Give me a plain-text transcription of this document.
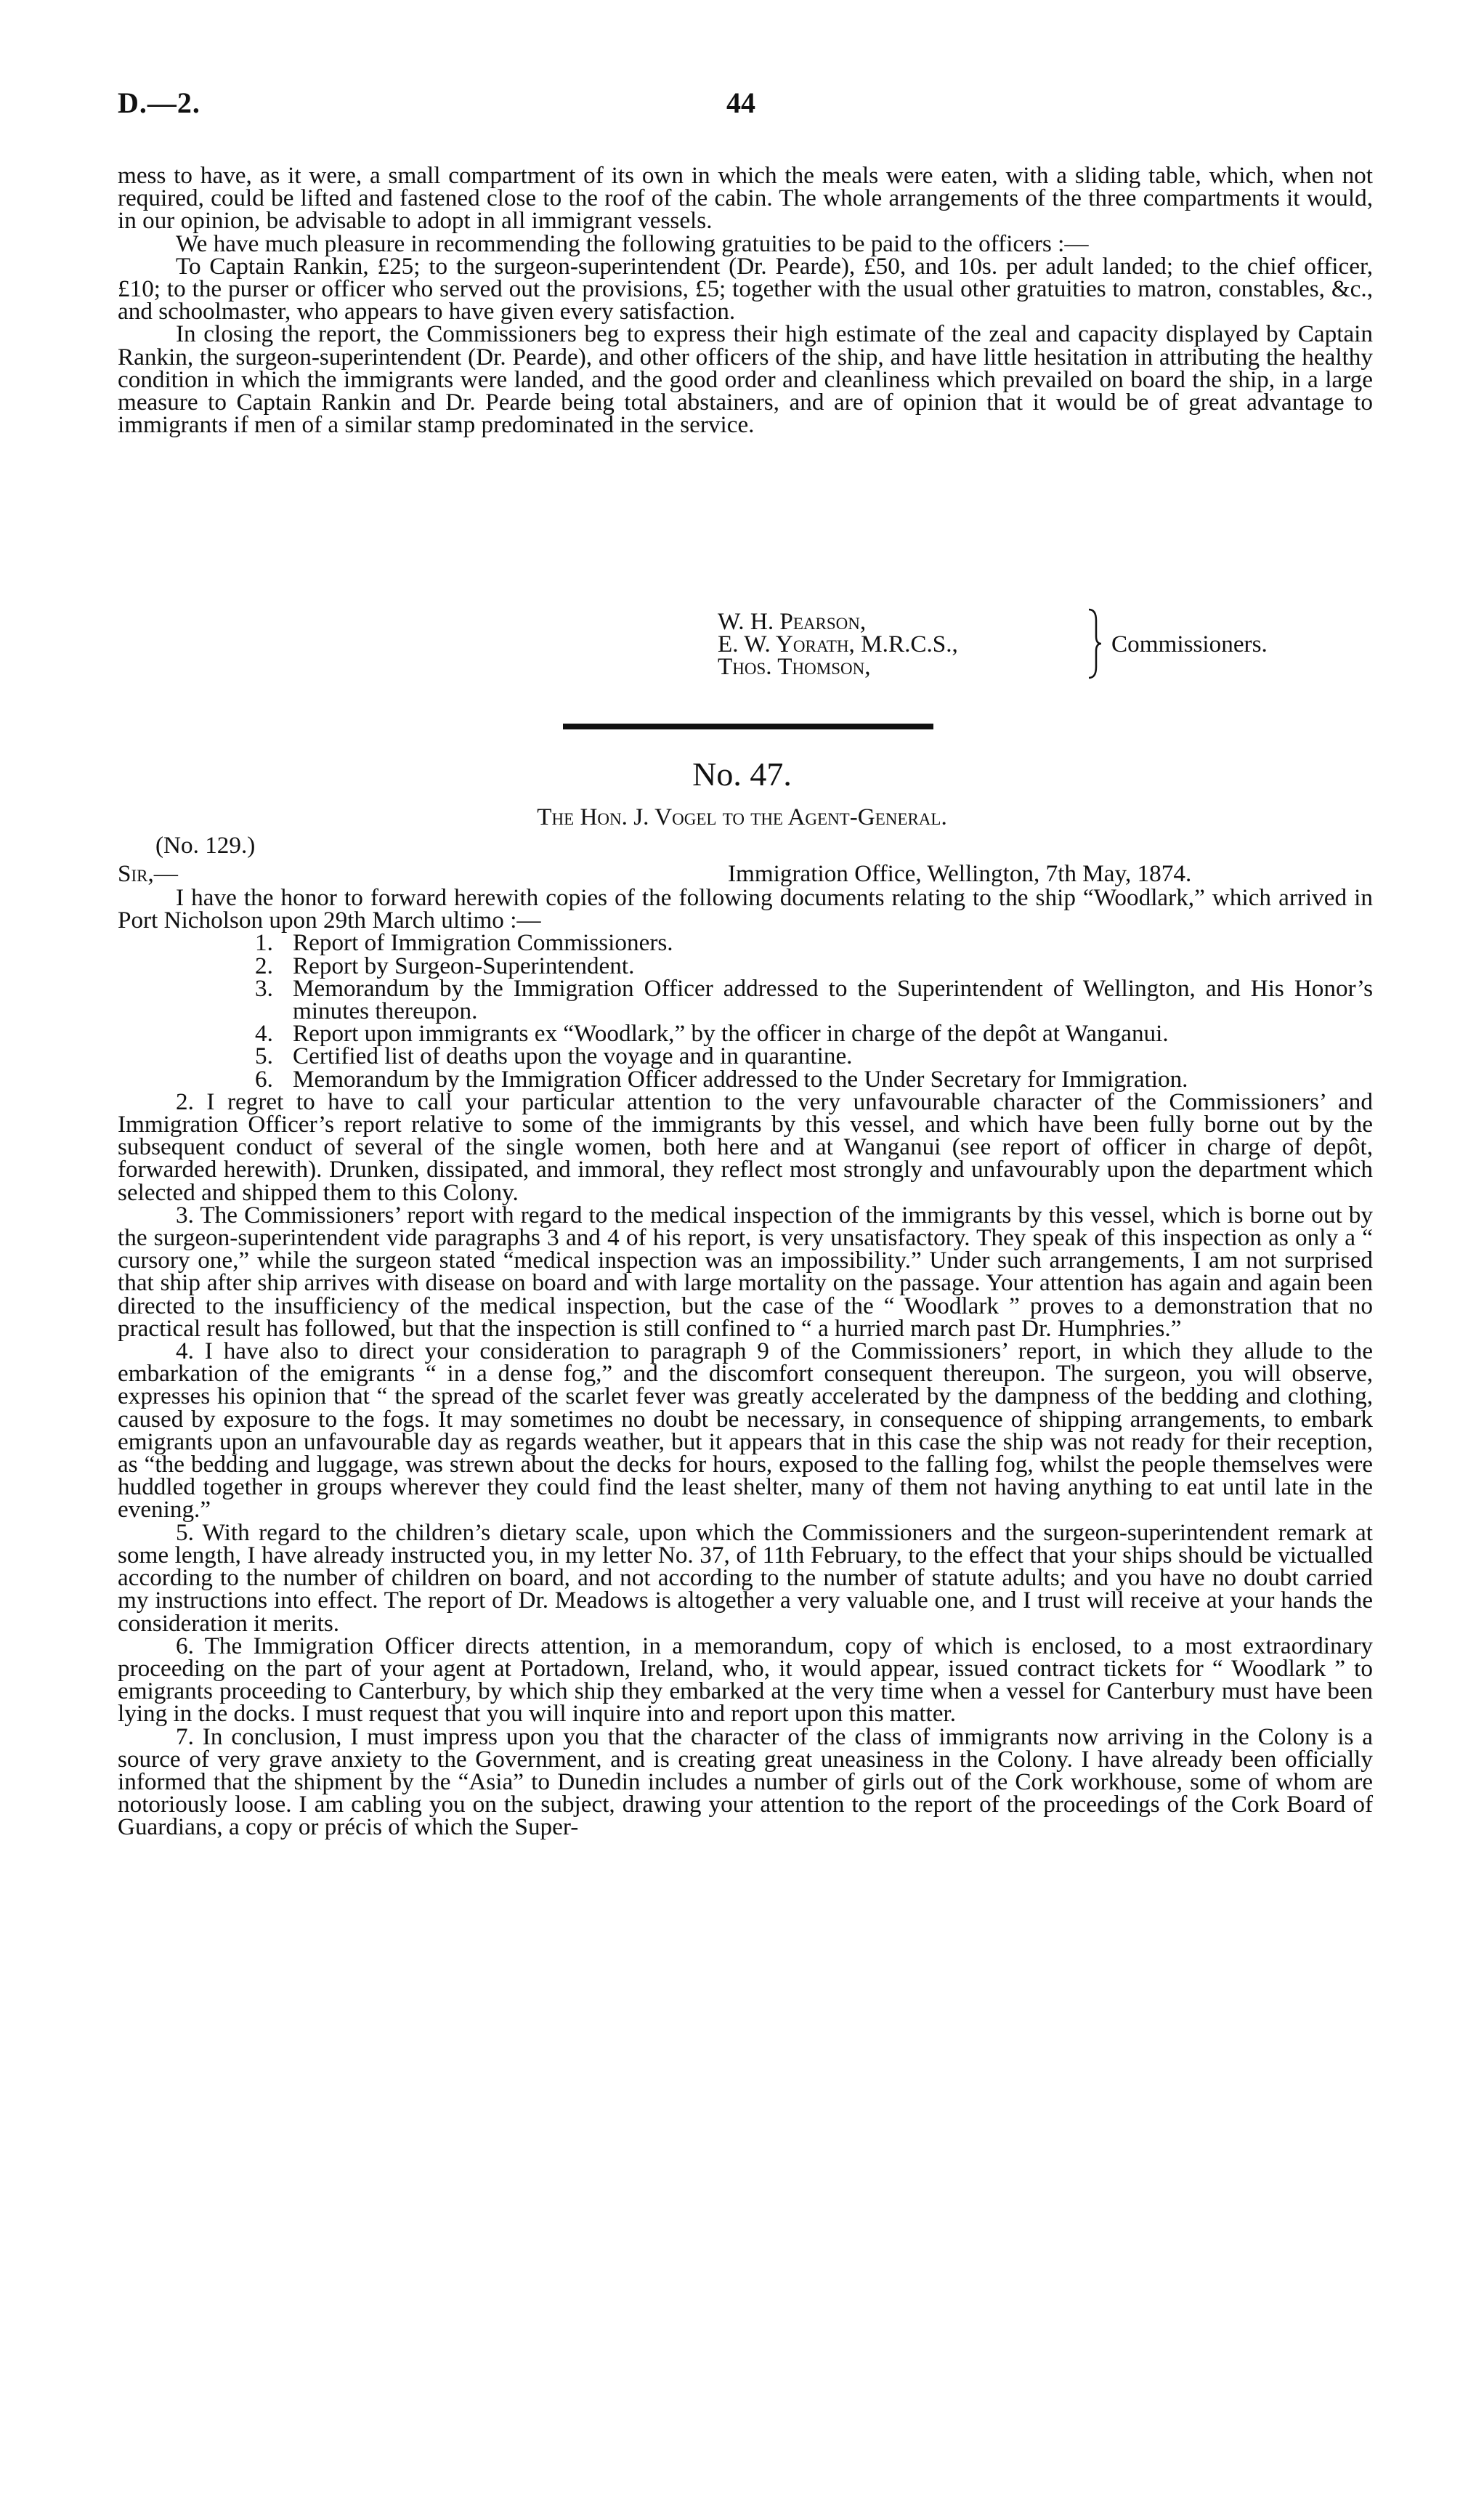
D.—2.	44

mess to have, as it were, a small compartment of its own in which the meals were eaten, with a sliding table, which, when not required, could be lifted and fastened close to the roof of the cabin. The whole arrangements of the three compartments it would, in our opinion, be advisable to adopt in all immigrant vessels.

We have much pleasure in recommending the following gratuities to be paid to the officers :—

To Captain Rankin, £25; to the surgeon-superintendent (Dr. Pearde), £50, and 10s. per adult landed; to the chief officer, £10; to the purser or officer who served out the provisions, £5; together with the usual other gratuities to matron, constables, &c., and schoolmaster, who appears to have given every satisfaction.

In closing the report, the Commissioners beg to express their high estimate of the zeal and capacity displayed by Captain Rankin, the surgeon-superintendent (Dr. Pearde), and other officers of the ship, and have little hesitation in attributing the healthy condition in which the immigrants were landed, and the good order and cleanliness which prevailed on board the ship, in a large measure to Captain Rankin and Dr. Pearde being total abstainers, and are of opinion that it would be of great advantage to immigrants if men of a similar stamp predominated in the service.

W. H. Pearson,
E. W. Yorath, M.R.C.S.,
Thos. Thomson,
Commissioners.
No. 47.
The Hon. J. Vogel to the Agent-General.
(No. 129.)
Sir,—	Immigration Office, Wellington, 7th May, 1874.

I have the honor to forward herewith copies of the following documents relating to the ship “Woodlark,” which arrived in Port Nicholson upon 29th March ultimo :—

1. Report of Immigration Commissioners.
2. Report by Surgeon-Superintendent.
3. Memorandum by the Immigration Officer addressed to the Superintendent of Wellington, and His Honor’s minutes thereupon.
4. Report upon immigrants ex “Woodlark,” by the officer in charge of the depôt at Wanganui.
5. Certified list of deaths upon the voyage and in quarantine.
6. Memorandum by the Immigration Officer addressed to the Under Secretary for Immigration.

2. I regret to have to call your particular attention to the very unfavourable character of the Commissioners’ and Immigration Officer’s report relative to some of the immigrants by this vessel, and which have been fully borne out by the subsequent conduct of several of the single women, both here and at Wanganui (see report of officer in charge of depôt, forwarded herewith). Drunken, dissipated, and immoral, they reflect most strongly and unfavourably upon the department which selected and shipped them to this Colony.

3. The Commissioners’ report with regard to the medical inspection of the immigrants by this vessel, which is borne out by the surgeon-superintendent vide paragraphs 3 and 4 of his report, is very unsatisfactory. They speak of this inspection as only a “ cursory one,” while the surgeon stated “medical inspection was an impossibility.” Under such arrangements, I am not surprised that ship after ship arrives with disease on board and with large mortality on the passage. Your attention has again and again been directed to the insufficiency of the medical inspection, but the case of the “ Woodlark ” proves to a demonstration that no practical result has followed, but that the inspection is still confined to “ a hurried march past Dr. Humphries.”

4. I have also to direct your consideration to paragraph 9 of the Commissioners’ report, in which they allude to the embarkation of the emigrants “ in a dense fog,” and the discomfort consequent thereupon. The surgeon, you will observe, expresses his opinion that “ the spread of the scarlet fever was greatly accelerated by the dampness of the bedding and clothing, caused by exposure to the fogs. It may sometimes no doubt be necessary, in consequence of shipping arrangements, to embark emigrants upon an unfavourable day as regards weather, but it appears that in this case the ship was not ready for their reception, as “the bedding and luggage, was strewn about the decks for hours, exposed to the falling fog, whilst the people themselves were huddled together in groups wherever they could find the least shelter, many of them not having anything to eat until late in the evening.”

5. With regard to the children’s dietary scale, upon which the Commissioners and the surgeon-superintendent remark at some length, I have already instructed you, in my letter No. 37, of 11th February, to the effect that your ships should be victualled according to the number of children on board, and not according to the number of statute adults; and you have no doubt carried my instructions into effect. The report of Dr. Meadows is altogether a very valuable one, and I trust will receive at your hands the consideration it merits.

6. The Immigration Officer directs attention, in a memorandum, copy of which is enclosed, to a most extraordinary proceeding on the part of your agent at Portadown, Ireland, who, it would appear, issued contract tickets for “ Woodlark ” to emigrants proceeding to Canterbury, by which ship they embarked at the very time when a vessel for Canterbury must have been lying in the docks. I must request that you will inquire into and report upon this matter.

7. In conclusion, I must impress upon you that the character of the class of immigrants now arriving in the Colony is a source of very grave anxiety to the Government, and is creating great uneasiness in the Colony. I have already been officially informed that the shipment by the “Asia” to Dunedin includes a number of girls out of the Cork workhouse, some of whom are notoriously loose. I am cabling you on the subject, drawing your attention to the report of the proceedings of the Cork Board of Guardians, a copy or précis of which the Super-
